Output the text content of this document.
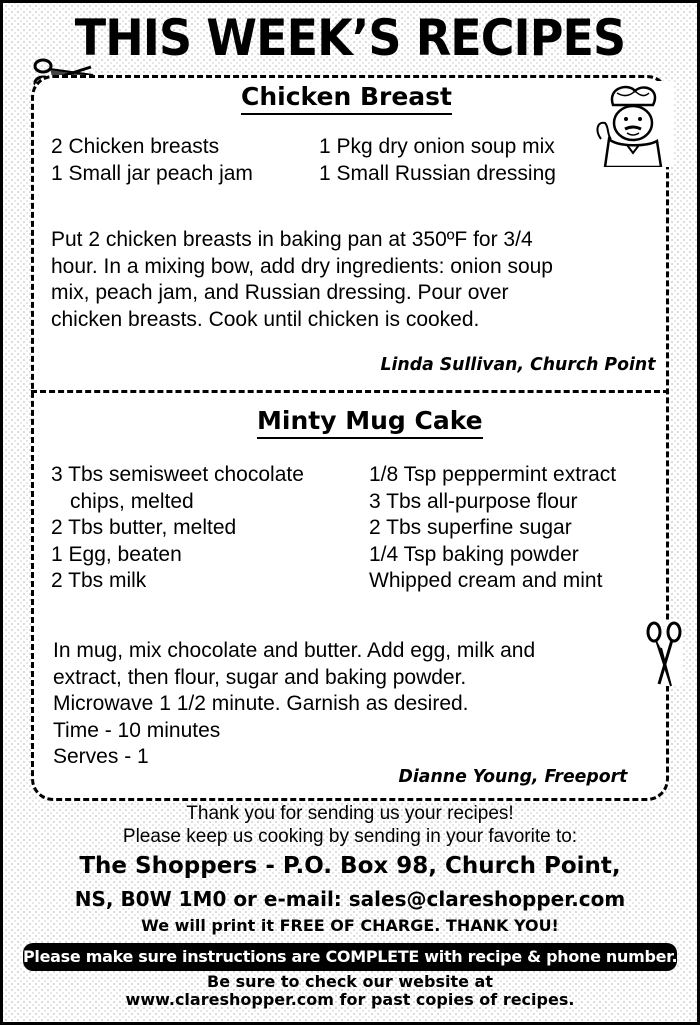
THIS WEEK’S RECIPES
Chicken Breast
2 Chicken breasts
1 Small jar peach jam
1 Pkg dry onion soup mix
1 Small Russian dressing
Put 2 chicken breasts in baking pan at 350ºF for 3/4
hour. In a mixing bow, add dry ingredients: onion soup
mix, peach jam, and Russian dressing. Pour over
chicken breasts. Cook until chicken is cooked.
Linda Sullivan, Church Point
Minty Mug Cake
3 Tbs semisweet chocolate
chips, melted
2 Tbs butter, melted
1 Egg, beaten
2 Tbs milk
1/8 Tsp peppermint extract
3 Tbs all-purpose flour
2 Tbs superfine sugar
1/4 Tsp baking powder
Whipped cream and mint
In mug, mix chocolate and butter. Add egg, milk and
extract, then flour, sugar and baking powder.
Microwave 1 1/2 minute. Garnish as desired.
Time - 10 minutes
Serves - 1
Dianne Young, Freeport
Thank you for sending us your recipes!
Please keep us cooking by sending in your favorite to:
The Shoppers - P.O. Box 98, Church Point,
NS, B0W 1M0 or e-mail: sales@clareshopper.com
We will print it FREE OF CHARGE. THANK YOU!
Please make sure instructions are COMPLETE with recipe & phone number.
Be sure to check our website at
www.clareshopper.com for past copies of recipes.
